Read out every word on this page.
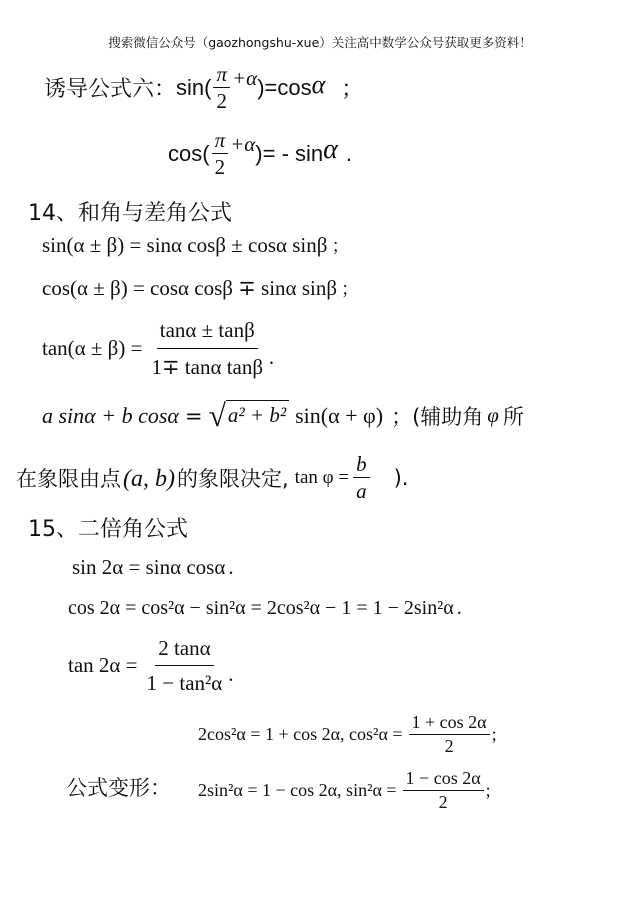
搜索微信公众号（gaozhongshu-xue）关注高中数学公众号获取更多资料！
诱导公式六： $\sin( \frac{\pi}{2} +\alpha$ )=cos α ；
$\cos( \frac{\pi}{2} +\alpha$ )= - sin α .
14、和角与差角公式
sin(α ± β) = sinα cosβ ± cosα sinβ ；
cos(α ± β) = cosα cosβ ∓ sinα sinβ ；
$\tan(\alpha \pm \beta) = \frac{\tan\alpha \pm \tan\beta}{\text{1∓ tanα tanβ}}$ ·
a sinα + b cosα = √ a² + b² sin(α + φ) ；(辅助角 φ 所
在象限由点 (a, b) 的象限决定, $\tan \varphi = \frac{b}{a}$ ).
15、二倍角公式
sin 2α = sinα cosα .
cos 2α = cos²α − sin²α = 2cos²α − 1 = 1 − 2sin²α .
$\tan 2\alpha = \frac{2 \tan\alpha}{\text{1 − tan²α}}$ ·
2cos²α = 1 + cos 2α, $\cos^2\alpha = \frac{1 + \cos 2\alpha}{2}$ ;
公式变形： 2sin²α = 1 − cos 2α, $\sin^2\alpha = \frac{1 - \cos 2\alpha}{2}$ ;
